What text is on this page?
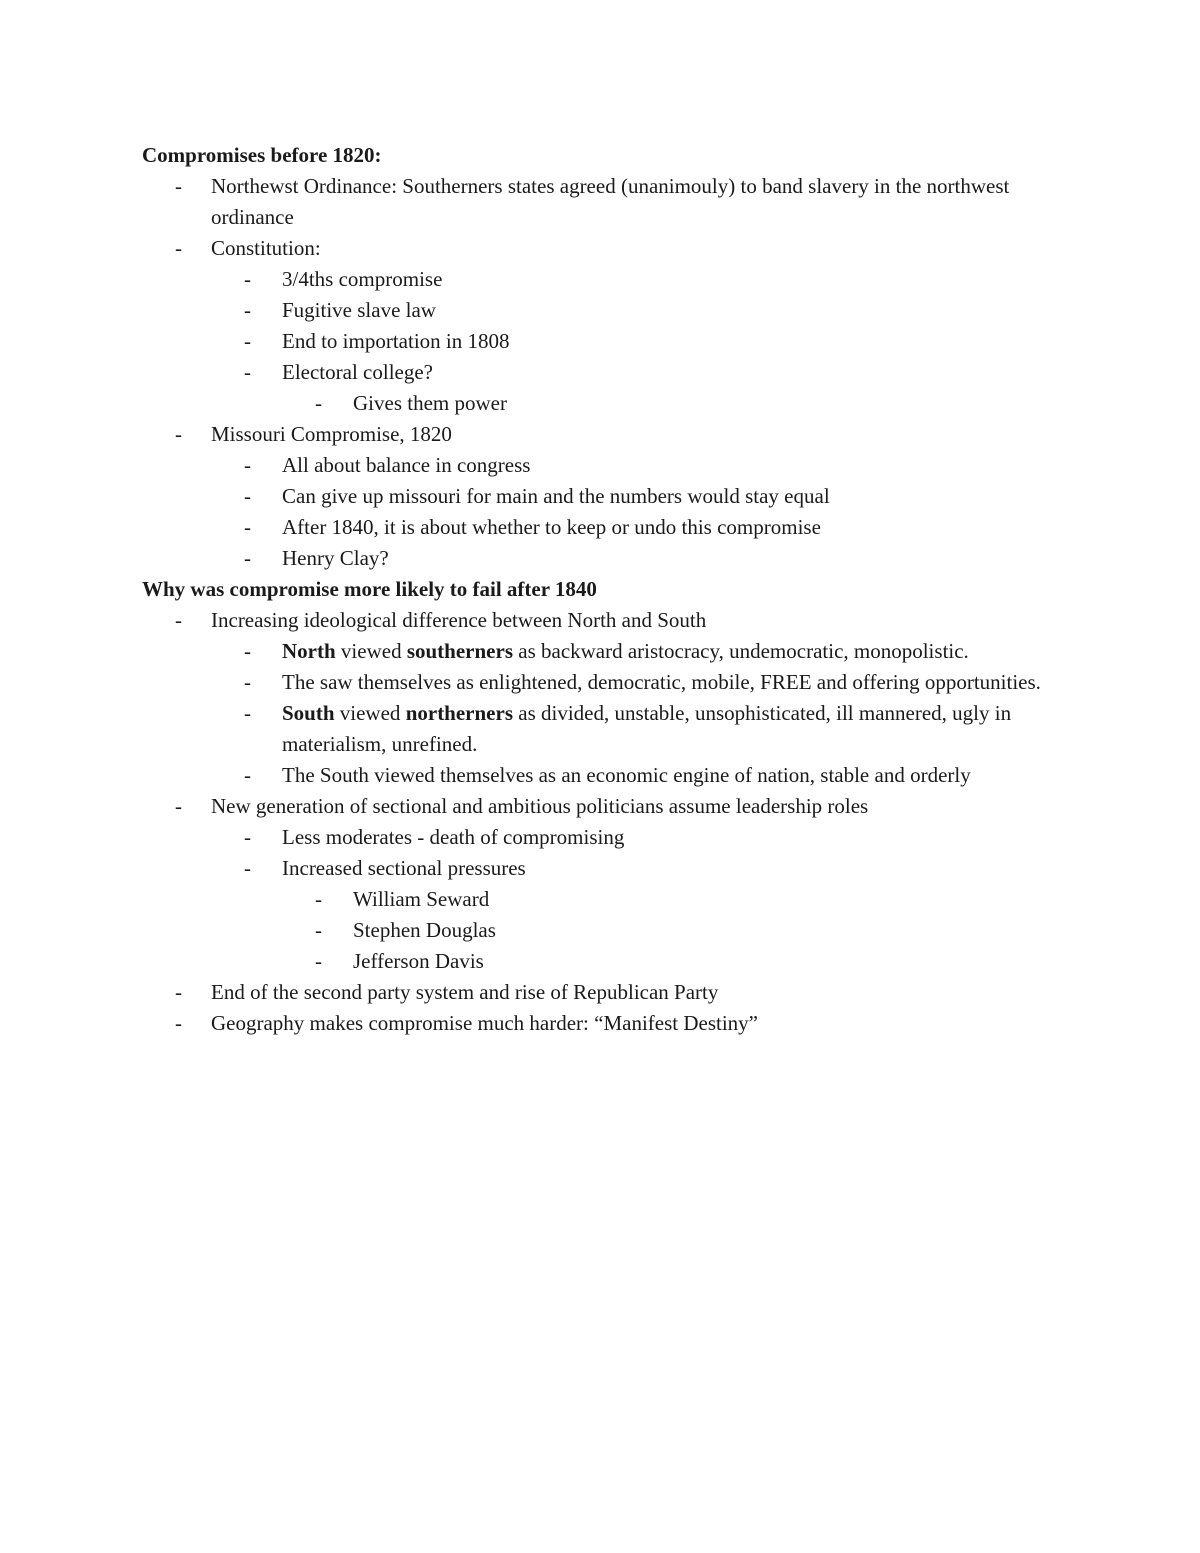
Compromises before 1820:
- Northewst Ordinance: Southerners states agreed (unanimouly) to band slavery in the northwest ordinance
- Constitution:
- 3/4ths compromise
- Fugitive slave law
- End to importation in 1808
- Electoral college?
- Gives them power
- Missouri Compromise, 1820
- All about balance in congress
- Can give up missouri for main and the numbers would stay equal
- After 1840, it is about whether to keep or undo this compromise
- Henry Clay?
Why was compromise more likely to fail after 1840
- Increasing ideological difference between North and South
- North viewed southerners as backward aristocracy, undemocratic, monopolistic.
- The saw themselves as enlightened, democratic, mobile, FREE and offering opportunities.
- South viewed northerners as divided, unstable, unsophisticated, ill mannered, ugly in materialism, unrefined.
- The South viewed themselves as an economic engine of nation, stable and orderly
- New generation of sectional and ambitious politicians assume leadership roles
- Less moderates - death of compromising
- Increased sectional pressures
- William Seward
- Stephen Douglas
- Jefferson Davis
- End of the second party system and rise of Republican Party
- Geography makes compromise much harder: “Manifest Destiny”
